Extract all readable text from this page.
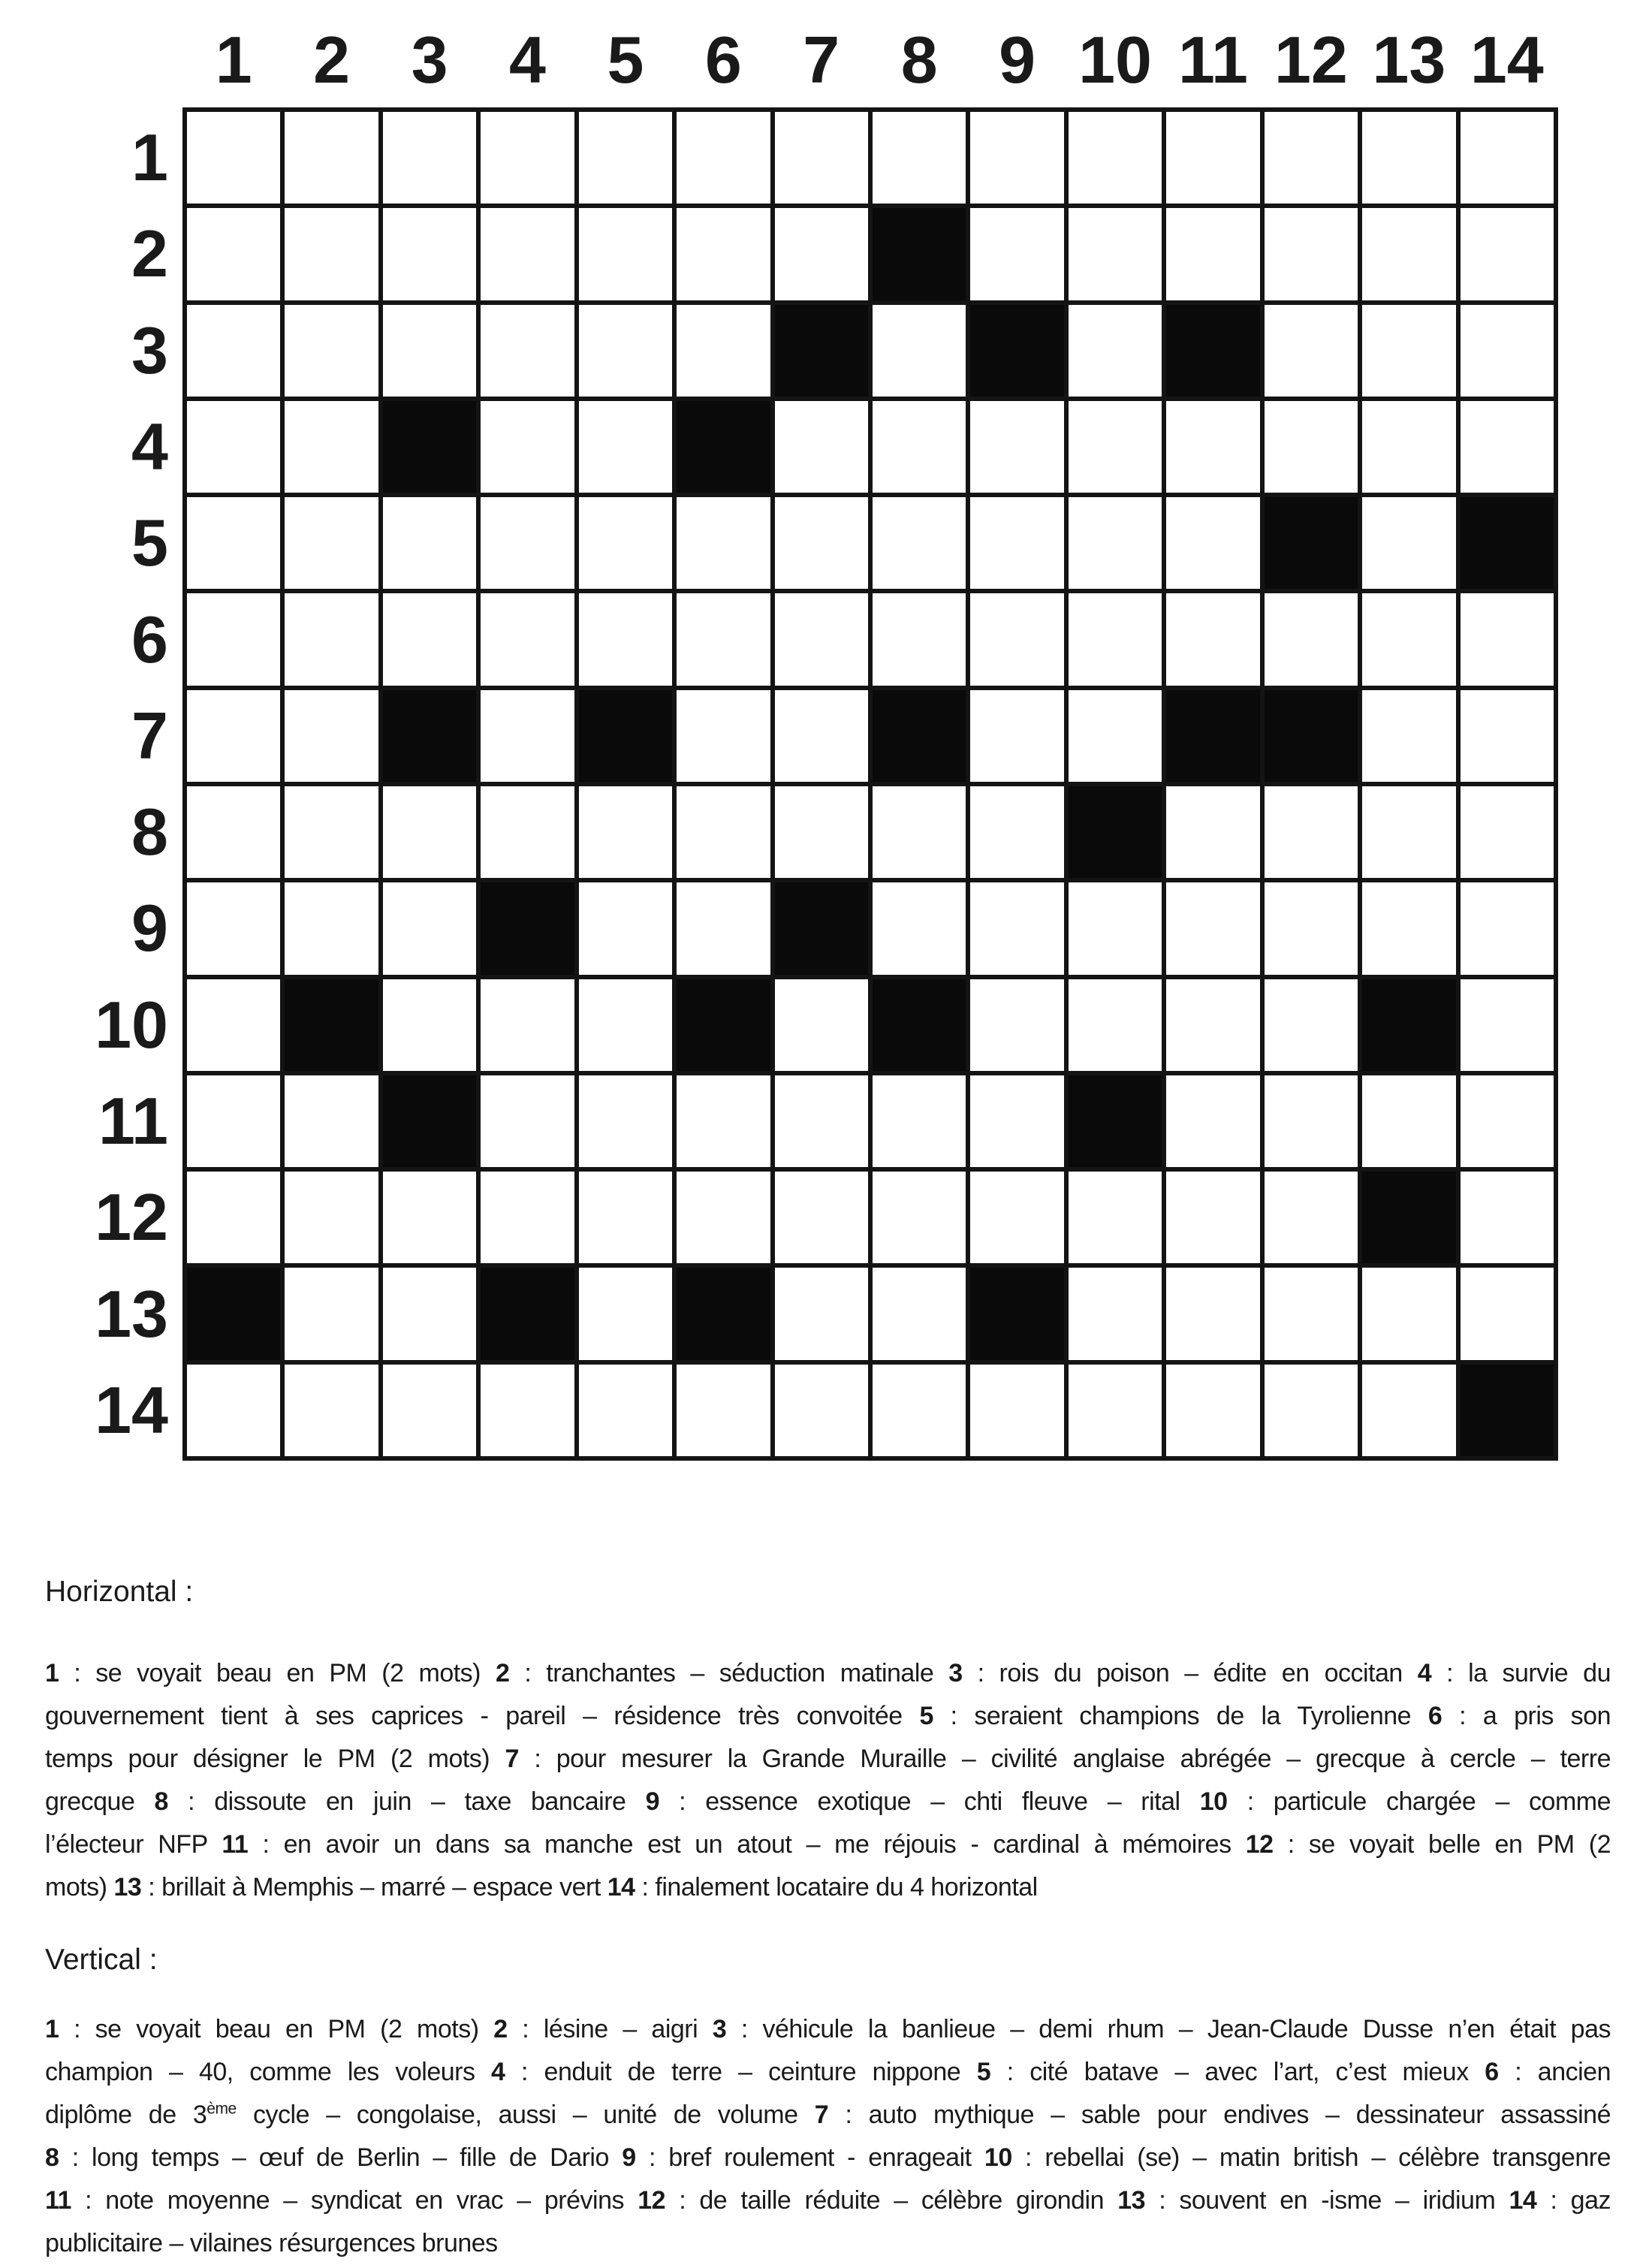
1 2 3 4 5 6 7 8 9 10 11 12 13 14
1
2
3
4
5
6
7
8
9
10
11
12
13
14
Horizontal :
1 : se voyait beau en PM (2 mots) 2 : tranchantes – séduction matinale 3 : rois du poison – édite en occitan 4 : la survie du
gouvernement tient à ses caprices - pareil – résidence très convoitée 5 : seraient champions de la Tyrolienne 6 : a pris son
temps pour désigner le PM (2 mots) 7 : pour mesurer la Grande Muraille – civilité anglaise abrégée – grecque à cercle – terre
grecque 8 : dissoute en juin – taxe bancaire 9 : essence exotique – chti fleuve – rital 10 : particule chargée – comme
l’électeur NFP 11 : en avoir un dans sa manche est un atout – me réjouis - cardinal à mémoires 12 : se voyait belle en PM (2
mots) 13 : brillait à Memphis – marré – espace vert 14 : finalement locataire du 4 horizontal
Vertical :
1 : se voyait beau en PM (2 mots) 2 : lésine – aigri 3 : véhicule la banlieue – demi rhum – Jean-Claude Dusse n’en était pas
champion – 40, comme les voleurs 4 : enduit de terre – ceinture nippone 5 : cité batave – avec l’art, c’est mieux 6 : ancien
diplôme de 3ème cycle – congolaise, aussi – unité de volume 7 : auto mythique – sable pour endives – dessinateur assassiné
8 : long temps – œuf de Berlin – fille de Dario 9 : bref roulement - enrageait 10 : rebellai (se) – matin british – célèbre transgenre
11 : note moyenne – syndicat en vrac – prévins 12 : de taille réduite – célèbre girondin 13 : souvent en -isme – iridium 14 : gaz
publicitaire – vilaines résurgences brunes
